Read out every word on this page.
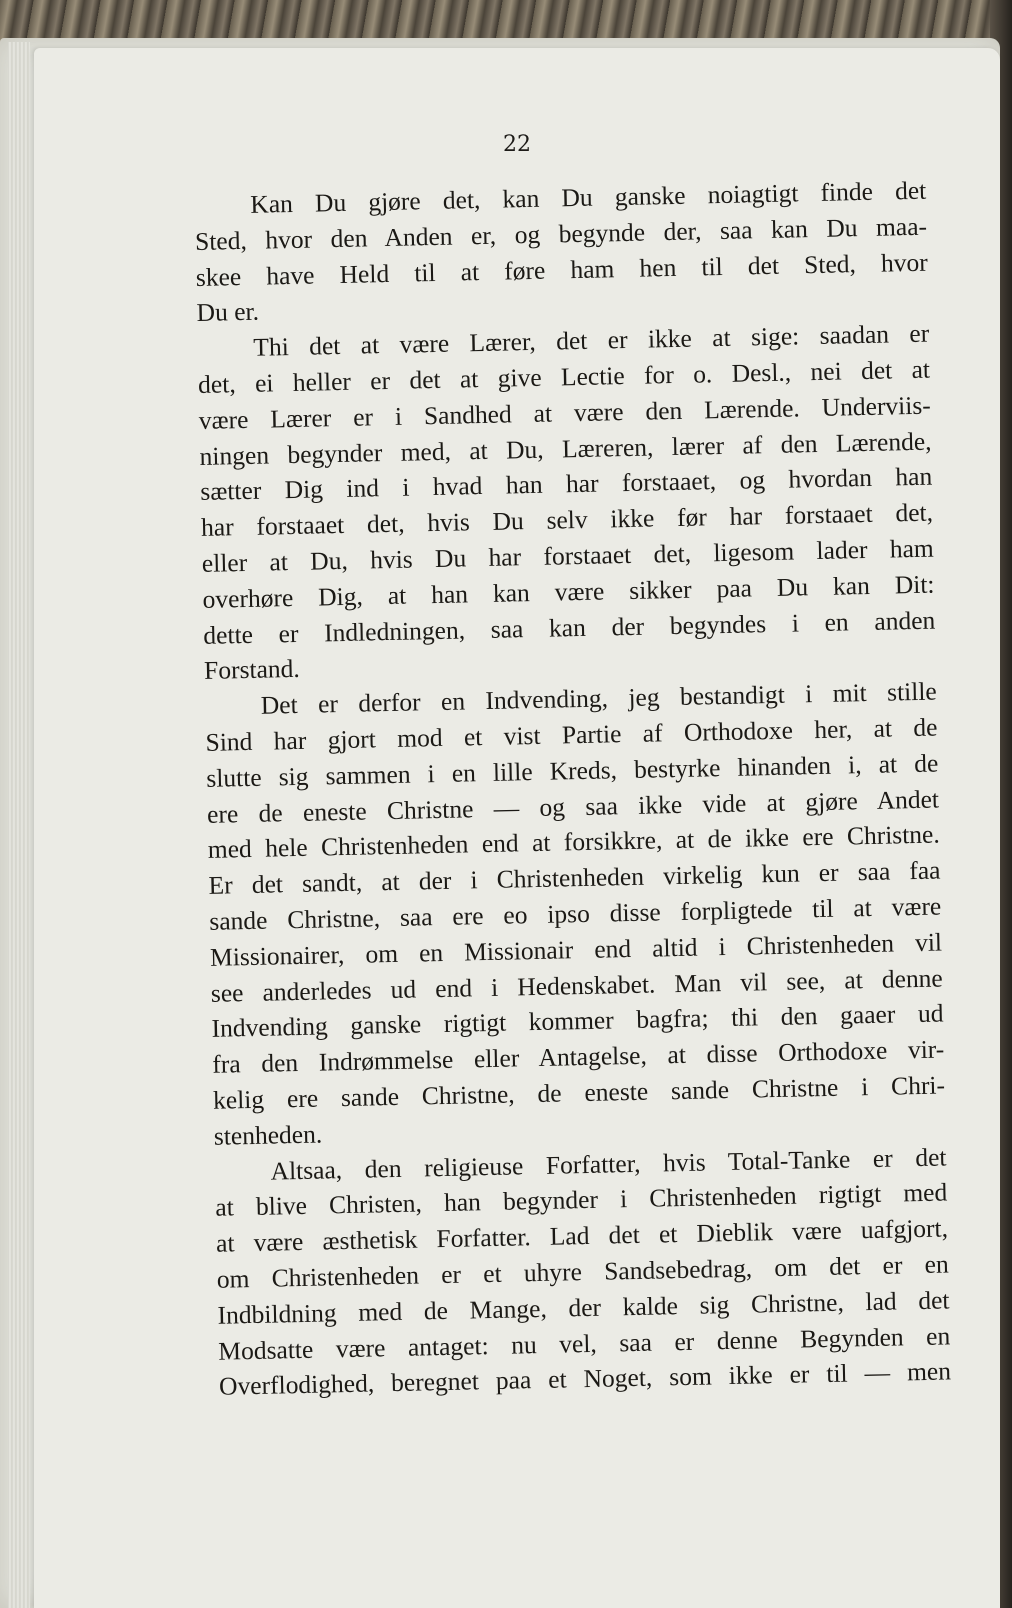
22
Kan Du gjøre det, kan Du ganske noiagtigt finde det
Sted, hvor den Anden er, og begynde der, saa kan Du maa-
skee have Held til at føre ham hen til det Sted, hvor
Du er.
Thi det at være Lærer, det er ikke at sige: saadan er
det, ei heller er det at give Lectie for o. Desl., nei det at
være Lærer er i Sandhed at være den Lærende. Underviis-
ningen begynder med, at Du, Læreren, lærer af den Lærende,
sætter Dig ind i hvad han har forstaaet, og hvordan han
har forstaaet det, hvis Du selv ikke før har forstaaet det,
eller at Du, hvis Du har forstaaet det, ligesom lader ham
overhøre Dig, at han kan være sikker paa Du kan Dit:
dette er Indledningen, saa kan der begyndes i en anden
Forstand.
Det er derfor en Indvending, jeg bestandigt i mit stille
Sind har gjort mod et vist Partie af Orthodoxe her, at de
slutte sig sammen i en lille Kreds, bestyrke hinanden i, at de
ere de eneste Christne — og saa ikke vide at gjøre Andet
med hele Christenheden end at forsikkre, at de ikke ere Christne.
Er det sandt, at der i Christenheden virkelig kun er saa faa
sande Christne, saa ere eo ipso disse forpligtede til at være
Missionairer, om en Missionair end altid i Christenheden vil
see anderledes ud end i Hedenskabet. Man vil see, at denne
Indvending ganske rigtigt kommer bagfra; thi den gaaer ud
fra den Indrømmelse eller Antagelse, at disse Orthodoxe vir-
kelig ere sande Christne, de eneste sande Christne i Chri-
stenheden.
Altsaa, den religieuse Forfatter, hvis Total-Tanke er det
at blive Christen, han begynder i Christenheden rigtigt med
at være æsthetisk Forfatter. Lad det et Dieblik være uafgjort,
om Christenheden er et uhyre Sandsebedrag, om det er en
Indbildning med de Mange, der kalde sig Christne, lad det
Modsatte være antaget: nu vel, saa er denne Begynden en
Overflodighed, beregnet paa et Noget, som ikke er til — men
